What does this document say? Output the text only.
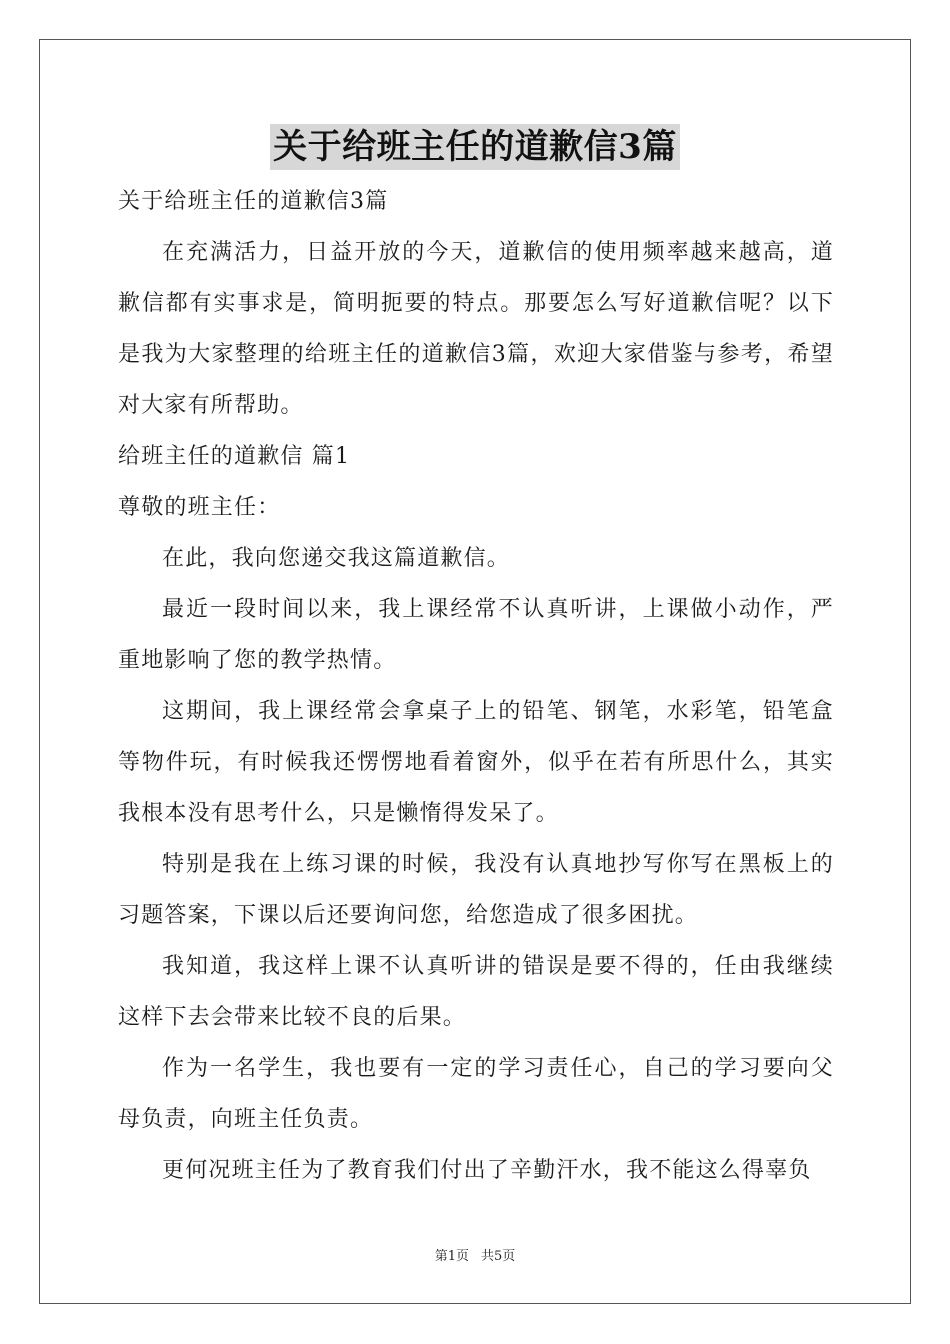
关于给班主任的道歉信3篇

关于给班主任的道歉信3篇

在充满活力，日益开放的今天，道歉信的使用频率越来越高，道歉信都有实事求是，简明扼要的特点。那要怎么写好道歉信呢？以下是我为大家整理的给班主任的道歉信3篇，欢迎大家借鉴与参考，希望对大家有所帮助。

给班主任的道歉信 篇1

尊敬的班主任：

在此，我向您递交我这篇道歉信。

最近一段时间以来，我上课经常不认真听讲，上课做小动作，严重地影响了您的教学热情。

这期间，我上课经常会拿桌子上的铅笔、钢笔，水彩笔，铅笔盒等物件玩，有时候我还愣愣地看着窗外，似乎在若有所思什么，其实我根本没有思考什么，只是懒惰得发呆了。

特别是我在上练习课的时候，我没有认真地抄写你写在黑板上的习题答案，下课以后还要询问您，给您造成了很多困扰。

我知道，我这样上课不认真听讲的错误是要不得的，任由我继续这样下去会带来比较不良的后果。

作为一名学生，我也要有一定的学习责任心，自己的学习要向父母负责，向班主任负责。

更何况班主任为了教育我们付出了辛勤汗水，我不能这么得辜负

第1页 共5页
